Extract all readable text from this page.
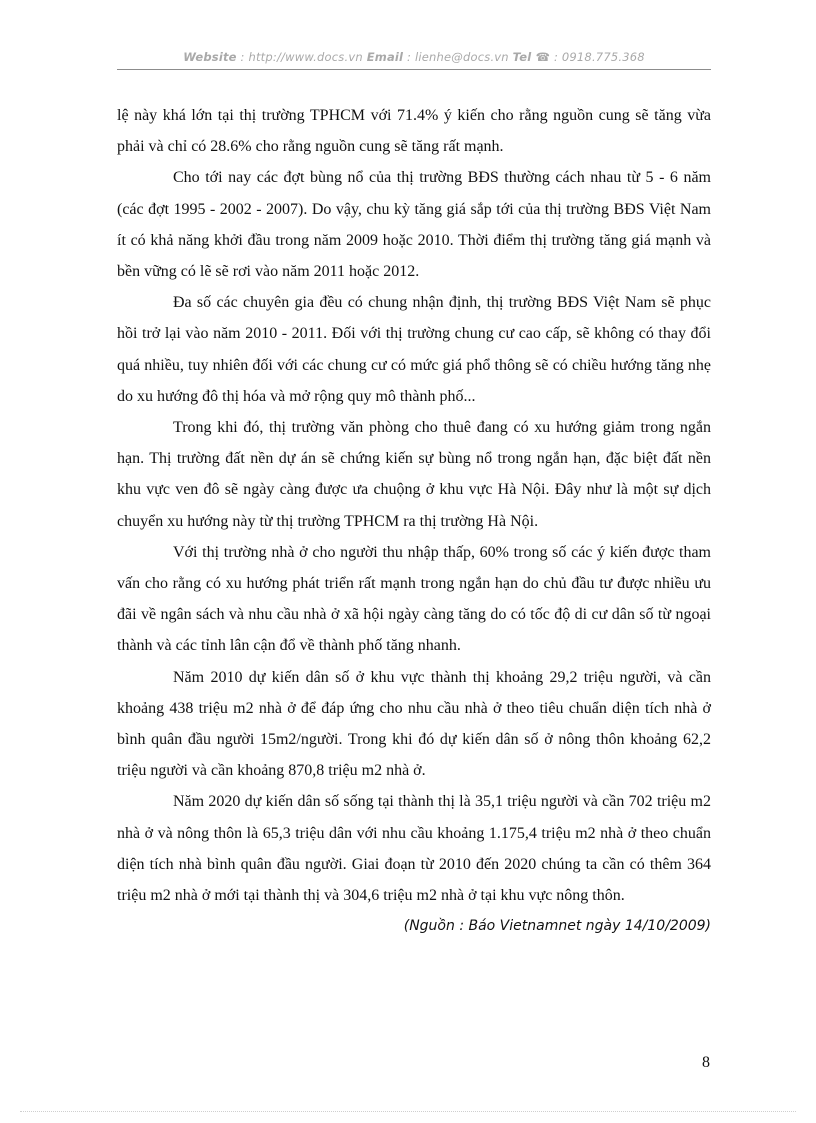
Website : http://www.docs.vn Email : lienhe@docs.vn Tel ☎ : 0918.775.368

lệ này khá lớn tại thị trường TPHCM với 71.4% ý kiến cho rằng nguồn cung sẽ tăng vừa phải và chỉ có 28.6% cho rằng nguồn cung sẽ tăng rất mạnh.

Cho tới nay các đợt bùng nổ của thị trường BĐS thường cách nhau từ 5 - 6 năm (các đợt 1995 - 2002 - 2007). Do vậy, chu kỳ tăng giá sắp tới của thị trường BĐS Việt Nam ít có khả năng khởi đầu trong năm 2009 hoặc 2010. Thời điểm thị trường tăng giá mạnh và bền vững có lẽ sẽ rơi vào năm 2011 hoặc 2012.

Đa số các chuyên gia đều có chung nhận định, thị trường BĐS Việt Nam sẽ phục hồi trở lại vào năm 2010 - 2011. Đối với thị trường chung cư cao cấp, sẽ không có thay đổi quá nhiều, tuy nhiên đối với các chung cư có mức giá phổ thông sẽ có chiều hướng tăng nhẹ do xu hướng đô thị hóa và mở rộng quy mô thành phố...

Trong khi đó, thị trường văn phòng cho thuê đang có xu hướng giảm trong ngắn hạn. Thị trường đất nền dự án sẽ chứng kiến sự bùng nổ trong ngắn hạn, đặc biệt đất nền khu vực ven đô sẽ ngày càng được ưa chuộng ở khu vực Hà Nội. Đây như là một sự dịch chuyển xu hướng này từ thị trường TPHCM ra thị trường Hà Nội.

Với thị trường nhà ở cho người thu nhập thấp, 60% trong số các ý kiến được tham vấn cho rằng có xu hướng phát triển rất mạnh trong ngắn hạn do chủ đầu tư được nhiều ưu đãi về ngân sách và nhu cầu nhà ở xã hội ngày càng tăng do có tốc độ di cư dân số từ ngoại thành và các tỉnh lân cận đổ về thành phố tăng nhanh.

Năm 2010 dự kiến dân số ở khu vực thành thị khoảng 29,2 triệu người, và cần khoảng 438 triệu m2 nhà ở để đáp ứng cho nhu cầu nhà ở theo tiêu chuẩn diện tích nhà ở bình quân đầu người 15m2/người. Trong khi đó dự kiến dân số ở nông thôn khoảng 62,2 triệu người và cần khoảng 870,8 triệu m2 nhà ở.

Năm 2020 dự kiến dân số sống tại thành thị là 35,1 triệu người và cần 702 triệu m2 nhà ở và nông thôn là 65,3 triệu dân với nhu cầu khoảng 1.175,4 triệu m2 nhà ở theo chuẩn diện tích nhà bình quân đầu người. Giai đoạn từ 2010 đến 2020 chúng ta cần có thêm 364 triệu m2 nhà ở mới tại thành thị và 304,6 triệu m2 nhà ở tại khu vực nông thôn.

(Nguồn : Báo Vietnamnet ngày 14/10/2009)

8
